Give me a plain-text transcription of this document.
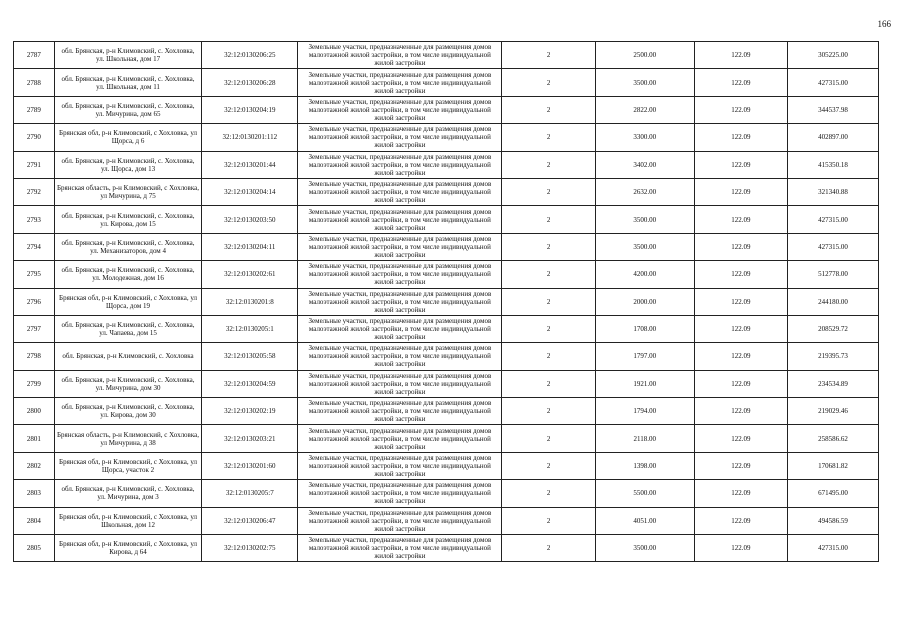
166
2787	обл. Брянская, р-н Климовский, с. Хохловка, ул. Школьная, дом 17	32:12:0130206:25	Земельные участки, предназначенные для размещения домов малоэтажной жилой застройки, в том числе индивидуальной жилой застройки	2	2500.00	122.09	305225.00
2788	обл. Брянская, р-н Климовский, с. Хохловка, ул. Школьная, дом 11	32:12:0130206:28	Земельные участки, предназначенные для размещения домов малоэтажной жилой застройки, в том числе индивидуальной жилой застройки	2	3500.00	122.09	427315.00
2789	обл. Брянская, р-н Климовский, с. Хохловка, ул. Мичурина, дом 65	32:12:0130204:19	Земельные участки, предназначенные для размещения домов малоэтажной жилой застройки, в том числе индивидуальной жилой застройки	2	2822.00	122.09	344537.98
2790	Брянская обл, р-н Климовский, с Хохловка, ул Щорса, д 6	32:12:0130201:112	Земельные участки, предназначенные для размещения домов малоэтажной жилой застройки, в том числе индивидуальной жилой застройки	2	3300.00	122.09	402897.00
2791	обл. Брянская, р-н Климовский, с. Хохловка, ул. Щорса, дом 13	32:12:0130201:44	Земельные участки, предназначенные для размещения домов малоэтажной жилой застройки, в том числе индивидуальной жилой застройки	2	3402.00	122.09	415350.18
2792	Брянская область, р-н Климовский, с Хохловка, ул Мичурина, д 75	32:12:0130204:14	Земельные участки, предназначенные для размещения домов малоэтажной жилой застройки, в том числе индивидуальной жилой застройки	2	2632.00	122.09	321340.88
2793	обл. Брянская, р-н Климовский, с. Хохловка, ул. Кирова, дом 15	32:12:0130203:50	Земельные участки, предназначенные для размещения домов малоэтажной жилой застройки, в том числе индивидуальной жилой застройки	2	3500.00	122.09	427315.00
2794	обл. Брянская, р-н Климовский, с. Хохловка, ул. Механизаторов, дом 4	32:12:0130204:11	Земельные участки, предназначенные для размещения домов малоэтажной жилой застройки, в том числе индивидуальной жилой застройки	2	3500.00	122.09	427315.00
2795	обл. Брянская, р-н Климовский, с. Хохловка, ул. Молодежная, дом 16	32:12:0130202:61	Земельные участки, предназначенные для размещения домов малоэтажной жилой застройки, в том числе индивидуальной жилой застройки	2	4200.00	122.09	512778.00
2796	Брянская обл, р-н Климовский, с Хохловка, ул Щорса, дом 19	32:12:0130201:8	Земельные участки, предназначенные для размещения домов малоэтажной жилой застройки, в том числе индивидуальной жилой застройки	2	2000.00	122.09	244180.00
2797	обл. Брянская, р-н Климовский, с. Хохловка, ул. Чапаева, дом 15	32:12:0130205:1	Земельные участки, предназначенные для размещения домов малоэтажной жилой застройки, в том числе индивидуальной жилой застройки	2	1708.00	122.09	208529.72
2798	обл. Брянская, р-н Климовский, с. Хохловка	32:12:0130205:58	Земельные участки, предназначенные для размещения домов малоэтажной жилой застройки, в том числе индивидуальной жилой застройки	2	1797.00	122.09	219395.73
2799	обл. Брянская, р-н Климовский, с. Хохловка, ул. Мичурина, дом 30	32:12:0130204:59	Земельные участки, предназначенные для размещения домов малоэтажной жилой застройки, в том числе индивидуальной жилой застройки	2	1921.00	122.09	234534.89
2800	обл. Брянская, р-н Климовский, с. Хохловка, ул. Кирова, дом 30	32:12:0130202:19	Земельные участки, предназначенные для размещения домов малоэтажной жилой застройки, в том числе индивидуальной жилой застройки	2	1794.00	122.09	219029.46
2801	Брянская область, р-н Климовский, с Хохловка, ул Мичурина, д 38	32:12:0130203:21	Земельные участки, предназначенные для размещения домов малоэтажной жилой застройки, в том числе индивидуальной жилой застройки	2	2118.00	122.09	258586.62
2802	Брянская обл, р-н Климовский, с Хохловка, ул Щорса, участок 2	32:12:0130201:60	Земельные участки, предназначенные для размещения домов малоэтажной жилой застройки, в том числе индивидуальной жилой застройки	2	1398.00	122.09	170681.82
2803	обл. Брянская, р-н Климовский, с. Хохловка, ул. Мичурина, дом 3	32:12:0130205:7	Земельные участки, предназначенные для размещения домов малоэтажной жилой застройки, в том числе индивидуальной жилой застройки	2	5500.00	122.09	671495.00
2804	Брянская обл, р-н Климовский, с Хохловка, ул Школьная, дом 12	32:12:0130206:47	Земельные участки, предназначенные для размещения домов малоэтажной жилой застройки, в том числе индивидуальной жилой застройки	2	4051.00	122.09	494586.59
2805	Брянская обл, р-н Климовский, с Хохловка, ул Кирова, д 64	32:12:0130202:75	Земельные участки, предназначенные для размещения домов малоэтажной жилой застройки, в том числе индивидуальной жилой застройки	2	3500.00	122.09	427315.00
